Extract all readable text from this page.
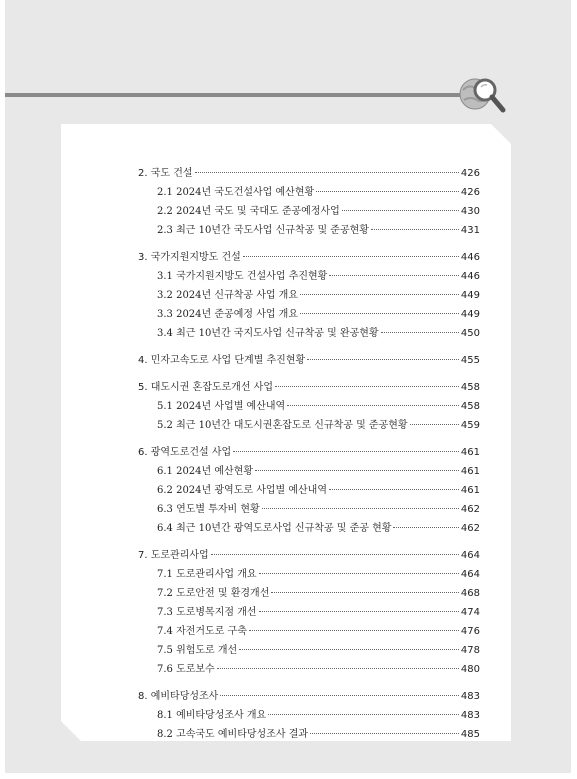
2. 국도 건설	426
2.1 2024년 국도건설사업 예산현황	426
2.2 2024년 국도 및 국대도 준공예정사업	430
2.3 최근 10년간 국도사업 신규착공 및 준공현황	431
3. 국가지원지방도 건설	446
3.1 국가지원지방도 건설사업 추진현황	446
3.2 2024년 신규착공 사업 개요	449
3.3 2024년 준공예정 사업 개요	449
3.4 최근 10년간 국지도사업 신규착공 및 완공현황	450
4. 민자고속도로 사업 단계별 추진현황	455
5. 대도시권 혼잡도로개선 사업	458
5.1 2024년 사업별 예산내역	458
5.2 최근 10년간 대도시권혼잡도로 신규착공 및 준공현황	459
6. 광역도로건설 사업	461
6.1 2024년 예산현황	461
6.2 2024년 광역도로 사업별 예산내역	461
6.3 연도별 투자비 현황	462
6.4 최근 10년간 광역도로사업 신규착공 및 준공 현황	462
7. 도로관리사업	464
7.1 도로관리사업 개요	464
7.2 도로안전 및 환경개선	468
7.3 도로병목지점 개선	474
7.4 자전거도로 구축	476
7.5 위험도로 개선	478
7.6 도로보수	480
8. 예비타당성조사	483
8.1 예비타당성조사 개요	483
8.2 고속국도 예비타당성조사 결과	485
